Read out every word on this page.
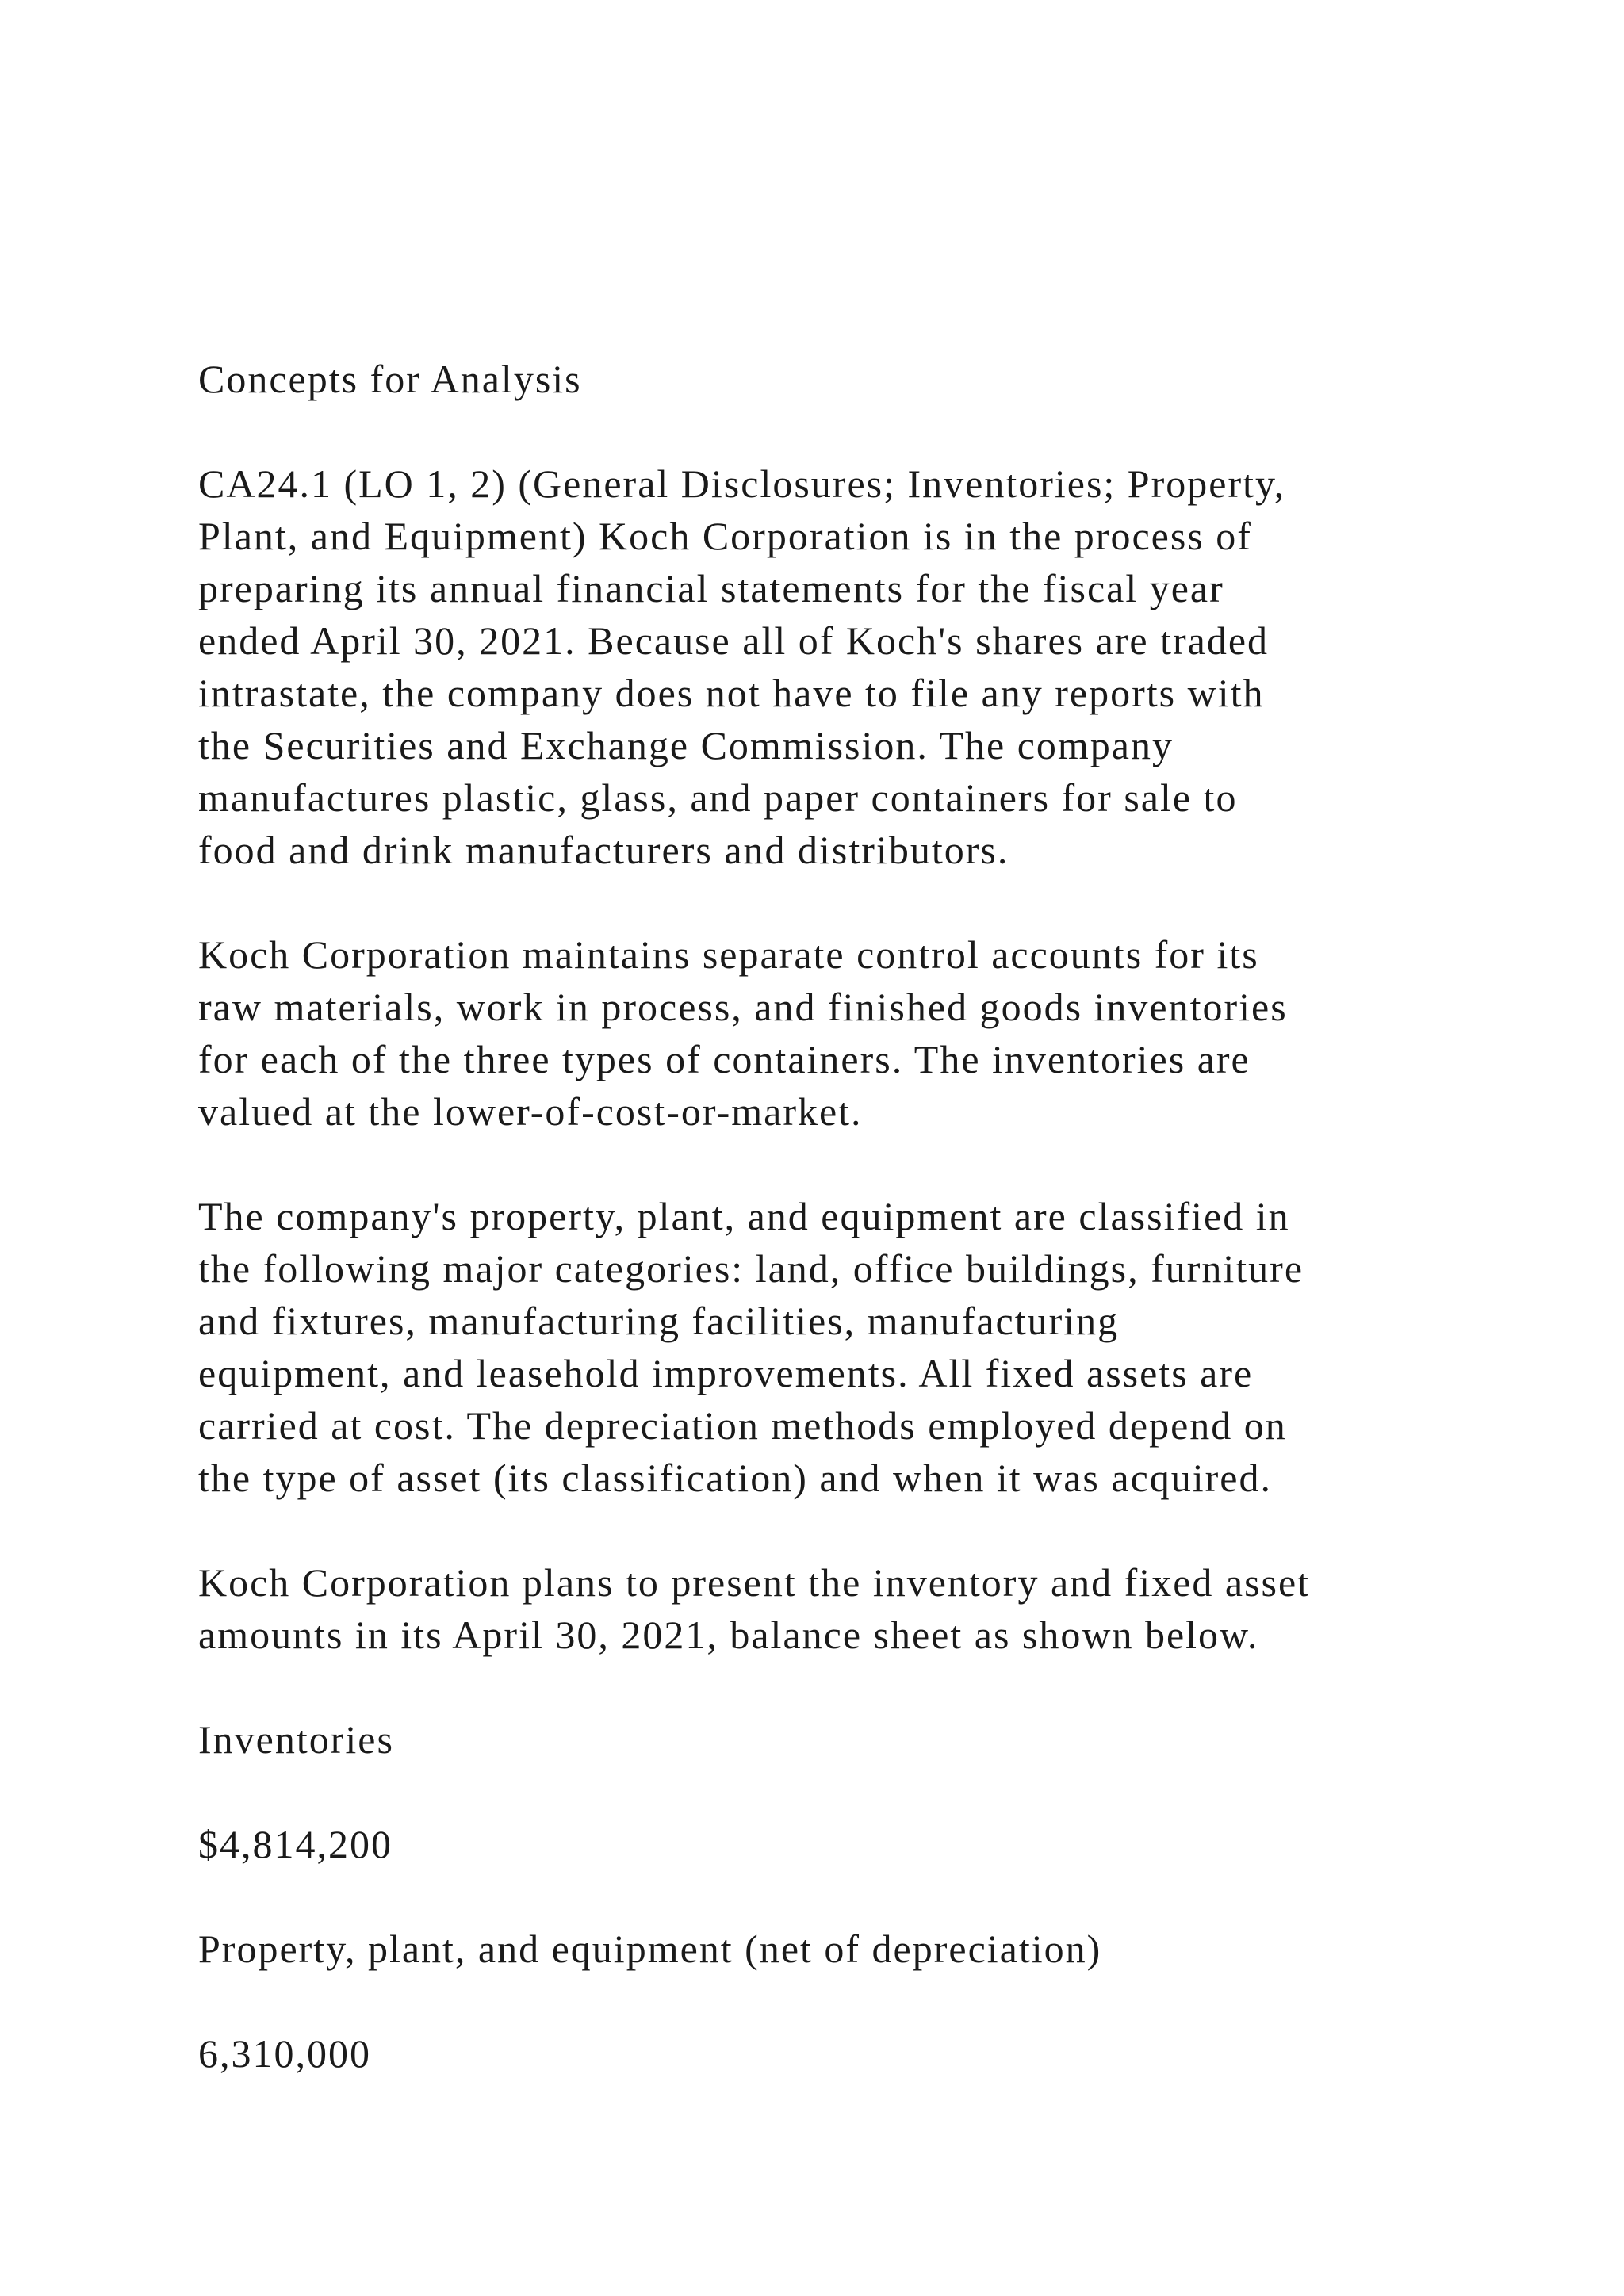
Concepts for Analysis

CA24.1 (LO 1, 2) (General Disclosures; Inventories; Property,
Plant, and Equipment) Koch Corporation is in the process of
preparing its annual financial statements for the fiscal year
ended April 30, 2021. Because all of Koch's shares are traded
intrastate, the company does not have to file any reports with
the Securities and Exchange Commission. The company
manufactures plastic, glass, and paper containers for sale to
food and drink manufacturers and distributors.

Koch Corporation maintains separate control accounts for its
raw materials, work in process, and finished goods inventories
for each of the three types of containers. The inventories are
valued at the lower-of-cost-or-market.

The company's property, plant, and equipment are classified in
the following major categories: land, office buildings, furniture
and fixtures, manufacturing facilities, manufacturing
equipment, and leasehold improvements. All fixed assets are
carried at cost. The depreciation methods employed depend on
the type of asset (its classification) and when it was acquired.

Koch Corporation plans to present the inventory and fixed asset
amounts in its April 30, 2021, balance sheet as shown below.

Inventories

$4,814,200

Property, plant, and equipment (net of depreciation)

6,310,000
